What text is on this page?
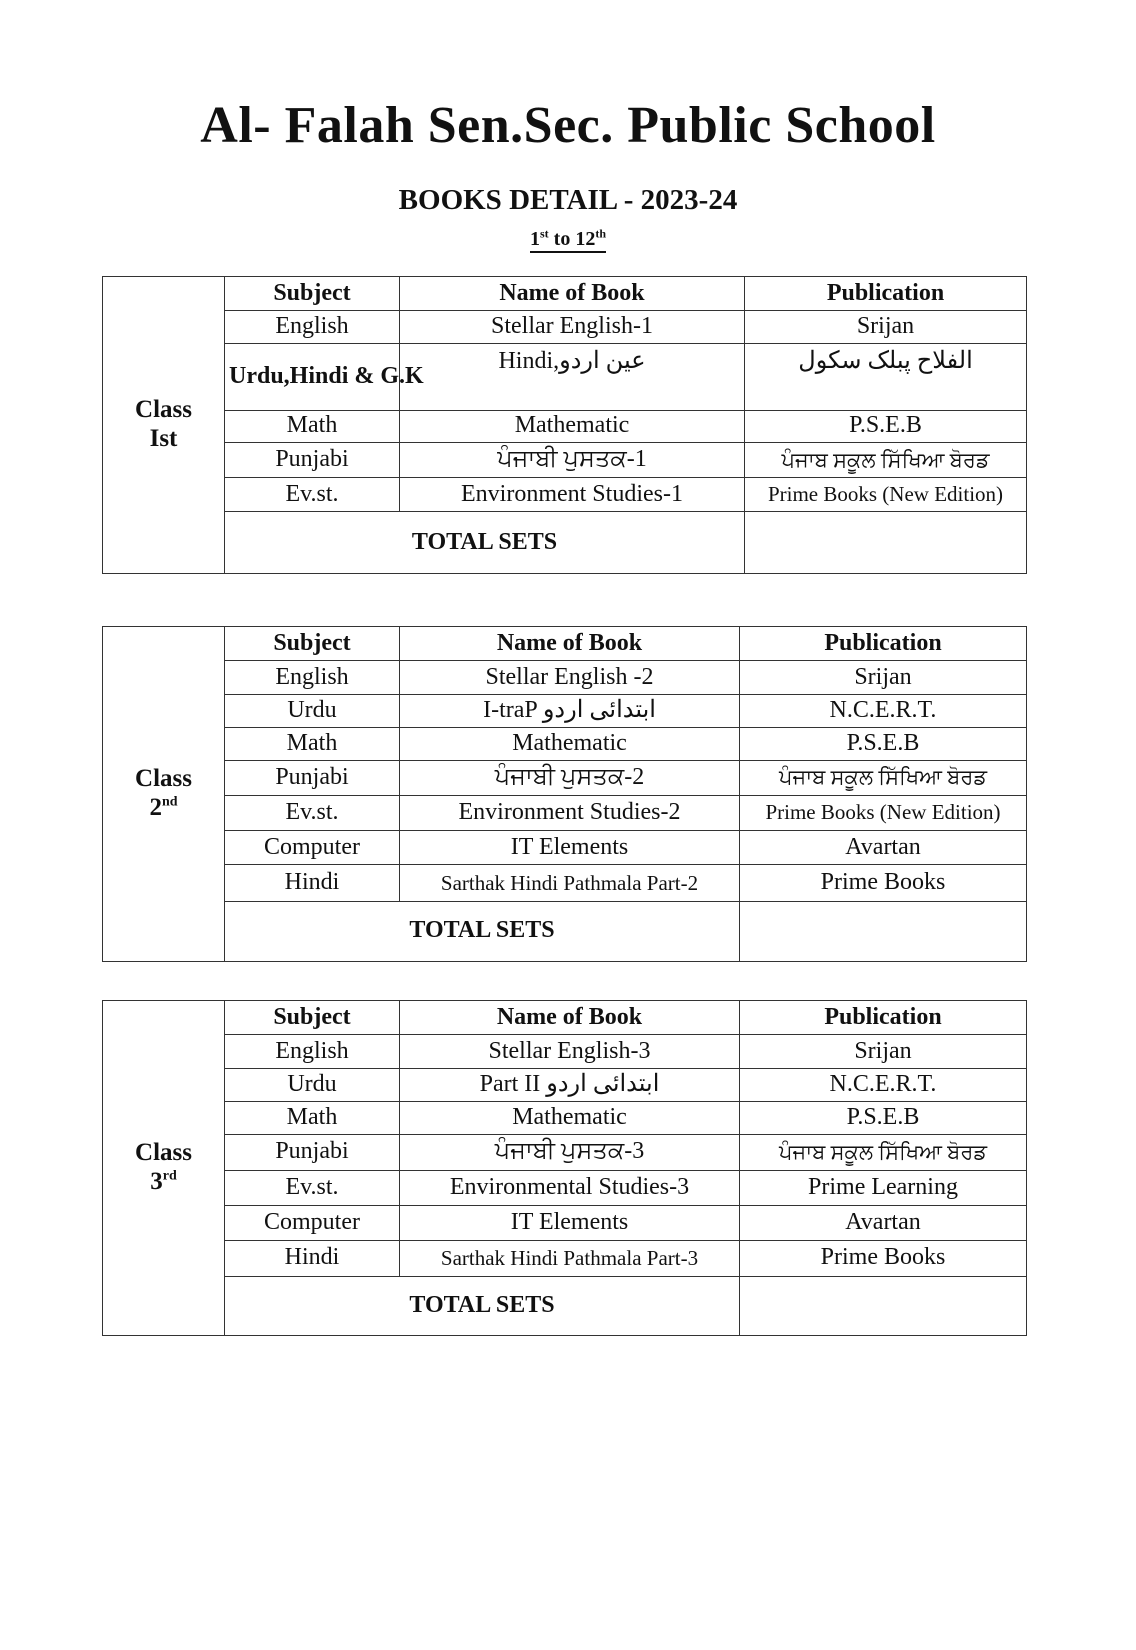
Al- Falah Sen.Sec. Public School
BOOKS DETAIL - 2023-24
1st to 12th
Class
Ist	Subject	Name of Book	Publication
	English	Stellar English-1	Srijan
	Urdu,Hindi & G.K	Hindi,عین اردو	الفلاح پبلک سکول
	Math	Mathematic	P.S.E.B
	Punjabi	ਪੰਜਾਬੀ ਪੁਸਤਕ-1	ਪੰਜਾਬ ਸਕੂਲ ਸਿੱਖਿਆ ਬੋਰਡ
	Ev.st.	Environment Studies-1	Prime Books (New Edition)
	TOTAL SETS		
Class
2nd	Subject	Name of Book	Publication
	English	Stellar English -2	Srijan
	Urdu	I-traP ابتدائی اردو	N.C.E.R.T.
	Math	Mathematic	P.S.E.B
	Punjabi	ਪੰਜਾਬੀ ਪੁਸਤਕ-2	ਪੰਜਾਬ ਸਕੂਲ ਸਿੱਖਿਆ ਬੋਰਡ
	Ev.st.	Environment Studies-2	Prime Books (New Edition)
	Computer	IT Elements	Avartan
	Hindi	Sarthak Hindi Pathmala Part-2	Prime Books
	TOTAL SETS		
Class
3rd	Subject	Name of Book	Publication
	English	Stellar English-3	Srijan
	Urdu	Part II ابتدائی اردو	N.C.E.R.T.
	Math	Mathematic	P.S.E.B
	Punjabi	ਪੰਜਾਬੀ ਪੁਸਤਕ-3	ਪੰਜਾਬ ਸਕੂਲ ਸਿੱਖਿਆ ਬੋਰਡ
	Ev.st.	Environmental Studies-3	Prime Learning
	Computer	IT Elements	Avartan
	Hindi	Sarthak Hindi Pathmala Part-3	Prime Books
	TOTAL SETS		
